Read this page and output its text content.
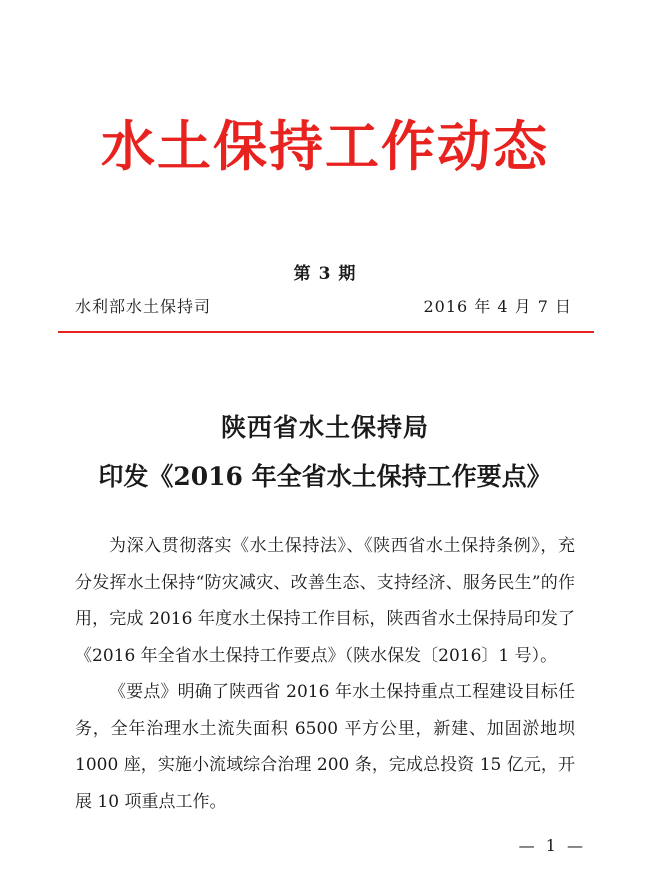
水土保持工作动态
第 3 期
水利部水土保持司	2016 年 4 月 7 日
陕西省水土保持局
印发《2016 年全省水土保持工作要点》

为深入贯彻落实《水土保持法》、《陕西省水土保持条例》，充分发挥水土保持“防灾减灾、改善生态、支持经济、服务民生”的作用，完成 2016 年度水土保持工作目标，陕西省水土保持局印发了《2016 年全省水土保持工作要点》（陕水保发〔2016〕1 号）。

《要点》明确了陕西省 2016 年水土保持重点工程建设目标任务，全年治理水土流失面积 6500 平方公里，新建、加固淤地坝 1000 座，实施小流域综合治理 200 条，完成总投资 15 亿元，开展 10 项重点工作。

— 1 —
